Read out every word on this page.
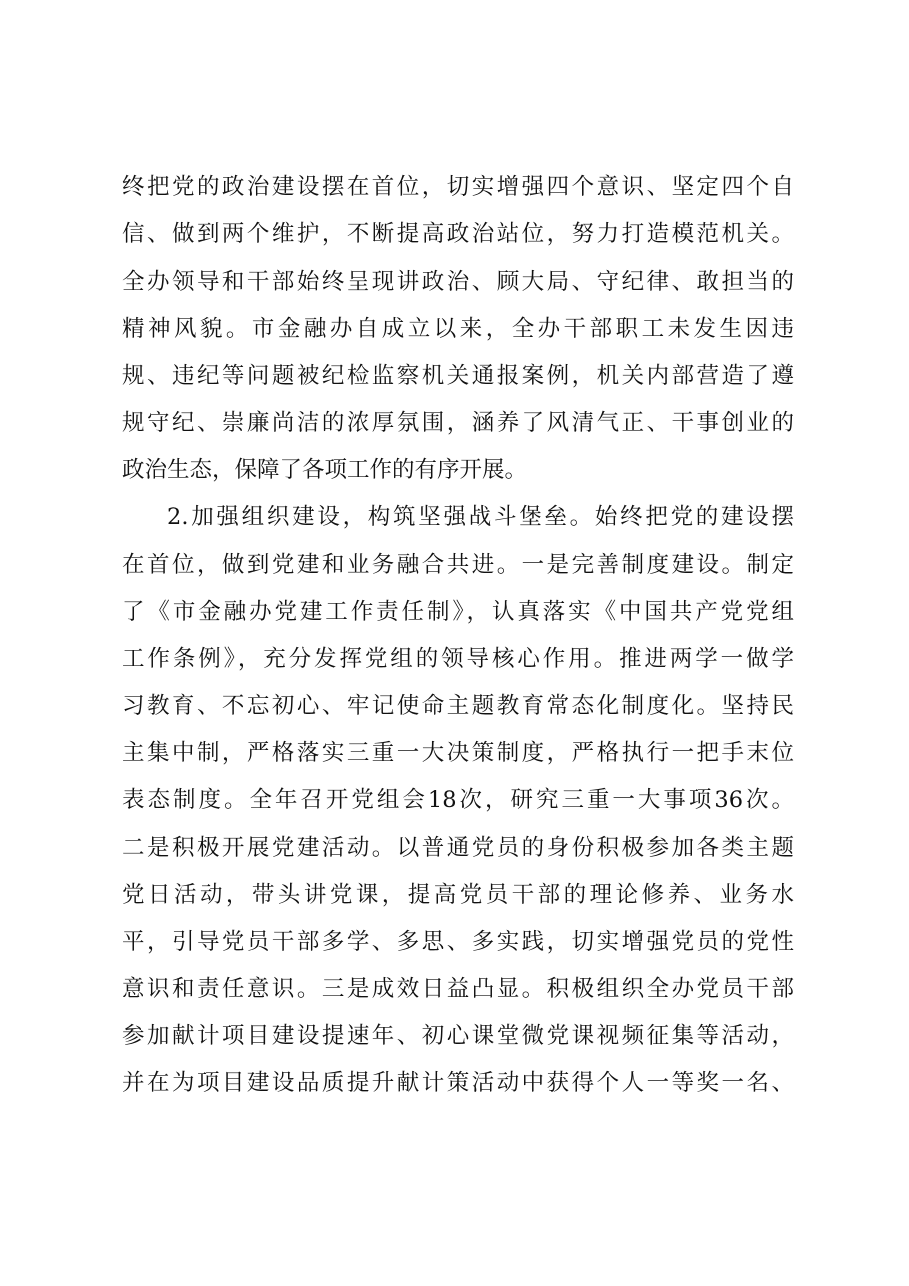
终把党的政治建设摆在首位，切实增强四个意识、坚定四个自
信、做到两个维护，不断提高政治站位，努力打造模范机关。
全办领导和干部始终呈现讲政治、顾大局、守纪律、敢担当的
精神风貌。市金融办自成立以来，全办干部职工未发生因违
规、违纪等问题被纪检监察机关通报案例，机关内部营造了遵
规守纪、崇廉尚洁的浓厚氛围，涵养了风清气正、干事创业的
政治生态，保障了各项工作的有序开展。
2.加强组织建设，构筑坚强战斗堡垒。始终把党的建设摆
在首位，做到党建和业务融合共进。一是完善制度建设。制定
了《市金融办党建工作责任制》，认真落实《中国共产党党组
工作条例》，充分发挥党组的领导核心作用。推进两学一做学
习教育、不忘初心、牢记使命主题教育常态化制度化。坚持民
主集中制，严格落实三重一大决策制度，严格执行一把手末位
表态制度。全年召开党组会18次，研究三重一大事项36次。
二是积极开展党建活动。以普通党员的身份积极参加各类主题
党日活动，带头讲党课，提高党员干部的理论修养、业务水
平，引导党员干部多学、多思、多实践，切实增强党员的党性
意识和责任意识。三是成效日益凸显。积极组织全办党员干部
参加献计项目建设提速年、初心课堂微党课视频征集等活动，
并在为项目建设品质提升献计策活动中获得个人一等奖一名、
